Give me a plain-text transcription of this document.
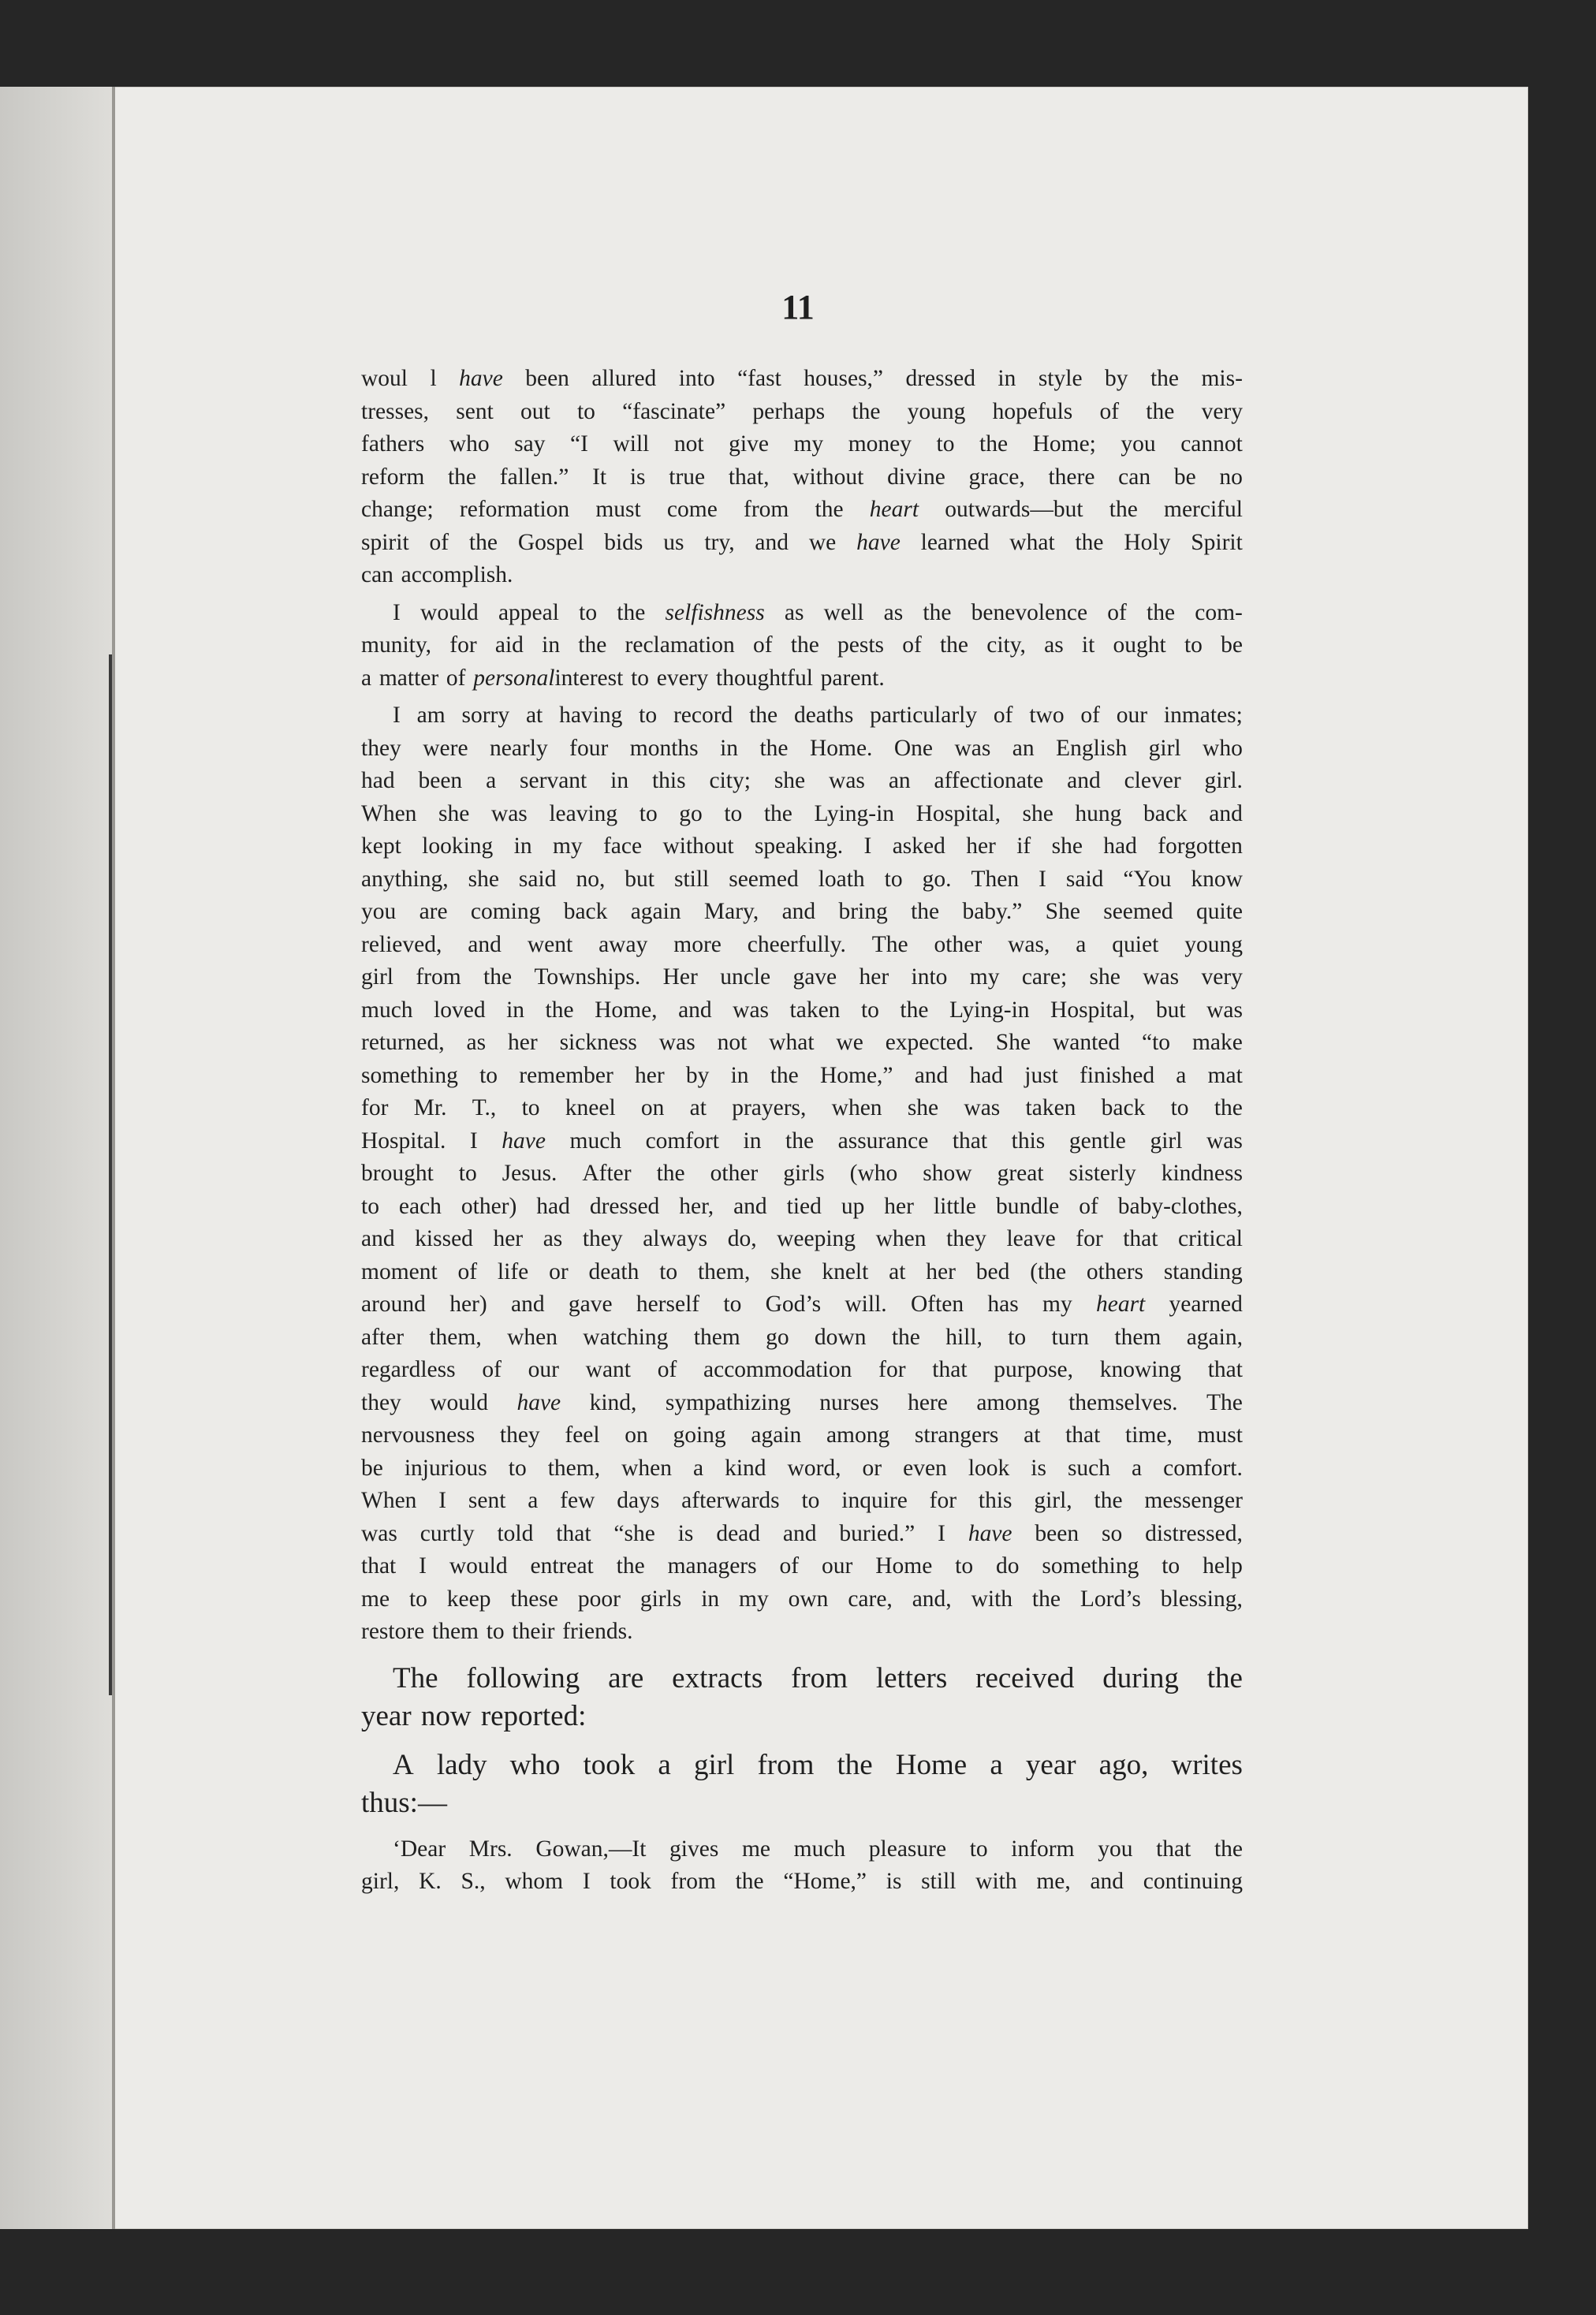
11
woul l have been allured into “fast houses,” dressed in style by the mis-
tresses, sent out to “fascinate” perhaps the young hopefuls of the very
fathers who say “I will not give my money to the Home; you cannot
reform the fallen.” It is true that, without divine grace, there can be no
change; reformation must come from the heart outwards—but the merciful
spirit of the Gospel bids us try, and we have learned what the Holy Spirit
can accomplish.
I would appeal to the selfishness as well as the benevolence of the com-
munity, for aid in the reclamation of the pests of the city, as it ought to be
a matter of personal interest to every thoughtful parent.
I am sorry at having to record the deaths particularly of two of our inmates;
they were nearly four months in the Home. One was an English girl who
had been a servant in this city; she was an affectionate and clever girl.
When she was leaving to go to the Lying-in Hospital, she hung back and
kept looking in my face without speaking. I asked her if she had forgotten
anything, she said no, but still seemed loath to go. Then I said “You know
you are coming back again Mary, and bring the baby.” She seemed quite
relieved, and went away more cheerfully. The other was, a quiet young
girl from the Townships. Her uncle gave her into my care; she was very
much loved in the Home, and was taken to the Lying-in Hospital, but was
returned, as her sickness was not what we expected. She wanted “to make
something to remember her by in the Home,” and had just finished a mat
for Mr. T., to kneel on at prayers, when she was taken back to the
Hospital. I have much comfort in the assurance that this gentle girl was
brought to Jesus. After the other girls (who show great sisterly kindness
to each other) had dressed her, and tied up her little bundle of baby-clothes,
and kissed her as they always do, weeping when they leave for that critical
moment of life or death to them, she knelt at her bed (the others standing
around her) and gave herself to God’s will. Often has my heart yearned
after them, when watching them go down the hill, to turn them again,
regardless of our want of accommodation for that purpose, knowing that
they would have kind, sympathizing nurses here among themselves. The
nervousness they feel on going again among strangers at that time, must
be injurious to them, when a kind word, or even look is such a comfort.
When I sent a few days afterwards to inquire for this girl, the messenger
was curtly told that “she is dead and buried.” I have been so distressed,
that I would entreat the managers of our Home to do something to help
me to keep these poor girls in my own care, and, with the Lord’s blessing,
restore them to their friends.
The following are extracts from letters received during the
year now reported:
A lady who took a girl from the Home a year ago, writes
thus:—
‘Dear Mrs. Gowan,—It gives me much pleasure to inform you that the
girl, K. S., whom I took from the “Home,” is still with me, and continuing
